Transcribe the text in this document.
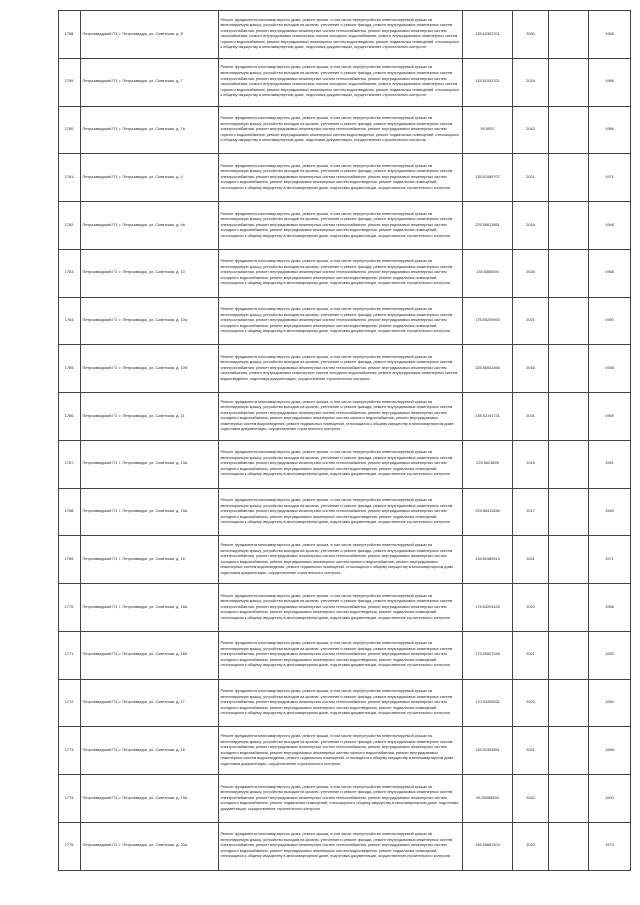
1758.	Петрозаводский ГО, г. Петрозаводск, ул. Советская, д. 8	Ремонт фундамента многоквартирного дома, ремонт крыши, в том числе переустройство невентилируемой крыши на вентилируемую крышу, устройство выходов на кровлю, утепление и ремонт фасада, ремонт внутридомовых инженерных систем электроснабжения, ремонт внутридомовых инженерных систем теплоснабжения, ремонт внутридомовых инженерных систем газоснабжения, ремонт внутридомовых инженерных систем холодного водоснабжения, ремонт внутридомовых инженерных систем горячего водоснабжения, ремонт внутридомовых инженерных систем водоотведения, ремонт подвальных помещений, относящихся к общему имуществу в многоквартирном доме, подготовка документации, осуществление строительного контроля	135.52392701	2030		1968

1759.	Петрозаводский ГО, г. Петрозаводск, ул. Советская, д. 7	Ремонт фундамента многоквартирного дома, ремонт крыши, в том числе переустройство невентилируемой крыши на вентилируемую крышу, устройство выходов на кровлю, утепление и ремонт фасада, ремонт внутридомовых инженерных систем электроснабжения, ремонт внутридомовых инженерных систем теплоснабжения, ремонт внутридомовых инженерных систем газоснабжения, ремонт внутридомовых инженерных систем холодного водоснабжения, ремонт внутридомовых инженерных систем горячего водоснабжения, ремонт внутридомовых инженерных систем водоотведения, ремонт подвальных помещений, относящихся к общему имуществу в многоквартирном доме, подготовка документации, осуществление строительного контроля	115.51002701	2034		1966

1760.	Петрозаводский ГО, г. Петрозаводск, ул. Советская, д. 7а	Ремонт фундамента многоквартирного дома, ремонт крыши, в том числе переустройство невентилируемой крыши на вентилируемую крышу, устройство выходов на кровлю, утепление и ремонт фасада, ремонт внутридомовых инженерных систем электроснабжения, ремонт внутридомовых инженерных систем теплоснабжения, ремонт внутридомовых инженерных систем горячего водоснабжения, ремонт внутридомовых инженерных систем водоотведения, ремонт подвальных помещений, относящихся к общему имуществу в многоквартирном доме, подготовка документации, осуществление строительного контроля	95.5002	2042		1956

1761.	Петрозаводский ГО, г. Петрозаводск, ул. Советская, д. 9	Ремонт фундамента многоквартирного дома, ремонт крыши, в том числе переустройство невентилируемой крыши на вентилируемую крышу, устройство выходов на кровлю, утепление и ремонт фасада, ремонт внутридомовых инженерных систем электроснабжения, ремонт внутридомовых инженерных систем теплоснабжения, ремонт внутридомовых инженерных систем холодного водоснабжения, ремонт внутридомовых инженерных систем водоотведения, ремонт подвальных помещений, относящихся к общему имуществу в многоквартирном доме, подготовка документации, осуществление строительного контроля	135.52489707	2021		1971

1762.	Петрозаводский ГО, г. Петрозаводск, ул. Советская, д. 9а	Ремонт фундамента многоквартирного дома, ремонт крыши, в том числе переустройство невентилируемой крыши на вентилируемую крышу, устройство выходов на кровлю, утепление и ремонт фасада, ремонт внутридомовых инженерных систем электроснабжения, ремонт внутридомовых инженерных систем теплоснабжения, ремонт внутридомовых инженерных систем холодного водоснабжения, ремонт внутридомовых инженерных систем водоотведения, ремонт подвальных помещений, относящихся к общему имуществу в многоквартирном доме, подготовка документации, осуществление строительного контроля	225.56612851	2018		1948

1763.	Петрозаводский ГО, г. Петрозаводск, ул. Советская, д. 10	Ремонт фундамента многоквартирного дома, ремонт крыши, в том числе переустройство невентилируемой крыши на вентилируемую крышу, устройство выходов на кровлю, утепление и ремонт фасада, ремонт внутридомовых инженерных систем электроснабжения, ремонт внутридомовых инженерных систем теплоснабжения, ремонт внутридомовых инженерных систем холодного водоснабжения, ремонт внутридомовых инженерных систем водоотведения, ремонт подвальных помещений, относящихся к общему имуществу в многоквартирном доме, подготовка документации, осуществление строительного контроля	135.5355090	2028		1968

1764.	Петрозаводский ГО, г. Петрозаводск, ул. Советская, д. 10а	Ремонт фундамента многоквартирного дома, ремонт крыши, в том числе переустройство невентилируемой крыши на вентилируемую крышу, устройство выходов на кровлю, утепление и ремонт фасада, ремонт внутридомовых инженерных систем электроснабжения, ремонт внутридомовых инженерных систем теплоснабжения, ремонт внутридомовых инженерных систем холодного водоснабжения, ремонт внутридомовых инженерных систем водоотведения, ремонт подвальных помещений, относящихся к общему имуществу в многоквартирном доме, подготовка документации, осуществление строительного контроля	175.55209992	2021		1950

1765.	Петрозаводский ГО, г. Петрозаводск, ул. Советская, д. 10б	Ремонт фундамента многоквартирного дома, ремонт крыши, в том числе переустройство невентилируемой крыши на вентилируемую крышу, устройство выходов на кровлю, утепление и ремонт фасада, ремонт внутридомовых инженерных систем электроснабжения, ремонт внутридомовых инженерных систем теплоснабжения, ремонт внутридомовых инженерных систем газоснабжения, ремонт внутридомовых инженерных систем холодного водоснабжения, ремонт внутридомовых инженерных систем водоотведения, подготовка документации, осуществление строительного контроля	225.56532466	2016		1938

1766.	Петрозаводский ГО, г. Петрозаводск, ул. Советская, д. 11	Ремонт фундамента многоквартирного дома, ремонт крыши, в том числе переустройство невентилируемой крыши на вентилируемую крышу, устройство выходов на кровлю, утепление и ремонт фасада, ремонт внутридомовых инженерных систем электроснабжения, ремонт внутридомовых инженерных систем теплоснабжения, ремонт внутридомовых инженерных систем холодного водоснабжения, ремонт внутридомовых инженерных систем горячего водоснабжения, ремонт внутридомовых инженерных систем водоотведения, ремонт подвальных помещений, относящихся к общему имуществу в многоквартирном доме, подготовка документации, осуществление строительного контроля	135.52191731	2031		1969

1767.	Петрозаводский ГО, г. Петрозаводск, ул. Советская, д. 13а	Ремонт фундамента многоквартирного дома, ремонт крыши, в том числе переустройство невентилируемой крыши на вентилируемую крышу, устройство выходов на кровлю, утепление и ремонт фасада, ремонт внутридомовых инженерных систем электроснабжения, ремонт внутридомовых инженерных систем теплоснабжения, ремонт внутридомовых инженерных систем холодного водоснабжения, ремонт внутридомовых инженерных систем водоотведения, ремонт подвальных помещений, относящихся к общему имуществу в многоквартирном доме, подготовка документации, осуществление строительного контроля	225.5621895	2018		1941

1768.	Петрозаводский ГО, г. Петрозаводск, ул. Советская, д. 15а	Ремонт фундамента многоквартирного дома, ремонт крыши, в том числе переустройство невентилируемой крыши на вентилируемую крышу, устройство выходов на кровлю, утепление и ремонт фасада, ремонт внутридомовых инженерных систем электроснабжения, ремонт внутридомовых инженерных систем теплоснабжения, ремонт внутридомовых инженерных систем холодного водоснабжения, ремонт внутридомовых инженерных систем водоотведения, ремонт подвальных помещений, относящихся к общему имуществу в многоквартирном доме, подготовка документации, осуществление строительного контроля	225.56411538	2017		1949

1769.	Петрозаводский ГО, г. Петрозаводск, ул. Советская, д. 16	Ремонт фундамента многоквартирного дома, ремонт крыши, в том числе переустройство невентилируемой крыши на вентилируемую крышу, устройство выходов на кровлю, утепление и ремонт фасада, ремонт внутридомовых инженерных систем электроснабжения, ремонт внутридомовых инженерных систем теплоснабжения, ремонт внутридомовых инженерных систем холодного водоснабжения, ремонт внутридомовых инженерных систем горячего водоснабжения, ремонт внутридомовых инженерных систем водоотведения, ремонт подвальных помещений, относящихся к общему имуществу в многоквартирном доме, подготовка документации, осуществление строительного контроля	135.52489913	2031		1971

1770.	Петрозаводский ГО, г. Петрозаводск, ул. Советская, д. 16а	Ремонт фундамента многоквартирного дома, ремонт крыши, в том числе переустройство невентилируемой крыши на вентилируемую крышу, устройство выходов на кровлю, утепление и ремонт фасада, ремонт внутридомовых инженерных систем электроснабжения, ремонт внутридомовых инженерных систем теплоснабжения, ремонт внутридомовых инженерных систем холодного водоснабжения, ремонт внутридомовых инженерных систем водоотведения, ремонт подвальных помещений, относящихся к общему имуществу в многоквартирном доме, подготовка документации, осуществление строительного контроля	175.54204426	2023		1956

1771.	Петрозаводский ГО, г. Петрозаводск, ул. Советская, д. 16б	Ремонт фундамента многоквартирного дома, ремонт крыши, в том числе переустройство невентилируемой крыши на вентилируемую крышу, устройство выходов на кровлю, утепление и ремонт фасада, ремонт внутридомовых инженерных систем электроснабжения, ремонт внутридомовых инженерных систем теплоснабжения, ремонт внутридомовых инженерных систем холодного водоснабжения, ремонт внутридомовых инженерных систем водоотведения, ремонт подвальных помещений, относящихся к общему имуществу в многоквартирном доме, подготовка документации, осуществление строительного контроля	175.55007048	2021		1953

1772.	Петрозаводский ГО, г. Петрозаводск, ул. Советская, д. 17	Ремонт фундамента многоквартирного дома, ремонт крыши, в том числе переустройство невентилируемой крыши на вентилируемую крышу, устройство выходов на кровлю, утепление и ремонт фасада, ремонт внутридомовых инженерных систем электроснабжения, ремонт внутридомовых инженерных систем теплоснабжения, ремонт внутридомовых инженерных систем холодного водоснабжения, ремонт внутридомовых инженерных систем водоотведения, ремонт подвальных помещений, относящихся к общему имуществу в многоквартирном доме, подготовка документации, осуществление строительного контроля	170.53206531	2023		1954

1773.	Петрозаводский ГО, г. Петрозаводск, ул. Советская, д. 18	Ремонт фундамента многоквартирного дома, ремонт крыши, в том числе переустройство невентилируемой крыши на вентилируемую крышу, устройство выходов на кровлю, утепление и ремонт фасада, ремонт внутридомовых инженерных систем электроснабжения, ремонт внутридомовых инженерных систем теплоснабжения, ремонт внутридомовых инженерных систем холодного водоснабжения, ремонт внутридомовых инженерных систем горячего водоснабжения, ремонт внутридомовых инженерных систем водоотведения, ремонт подвальных помещений, относящихся к общему имуществу в многоквартирном доме, подготовка документации, осуществление строительного контроля	135.52392651	2031		1968

1774.	Петрозаводский ГО, г. Петрозаводск, ул. Советская, д. 19а	Ремонт фундамента многоквартирного дома, ремонт крыши, в том числе переустройство невентилируемой крыши на вентилируемую крышу, устройство выходов на кровлю, утепление и ремонт фасада, ремонт внутридомовых инженерных систем электроснабжения, ремонт внутридомовых инженерных систем теплоснабжения, ремонт внутридомовых инженерных систем холодного водоснабжения, ремонт подвальных помещений, относящихся к общему имуществу в многоквартирном доме, подготовка документации, осуществление строительного контроля	95.50065839	2042		1904

1775.	Петрозаводский ГО, г. Петрозаводск, ул. Советская, д. 20а	Ремонт фундамента многоквартирного дома, ремонт крыши, в том числе переустройство невентилируемой крыши на вентилируемую крышу, устройство выходов на кровлю, утепление и ремонт фасада, ремонт внутридомовых инженерных систем электроснабжения, ремонт внутридомовых инженерных систем теплоснабжения, ремонт внутридомовых инженерных систем холодного водоснабжения, ремонт внутридомовых инженерных систем водоотведения, ремонт подвальных помещений, относящихся к общему имуществу в многоквартирном доме, подготовка документации, осуществление строительного контроля	155.55667404	2023		1973
